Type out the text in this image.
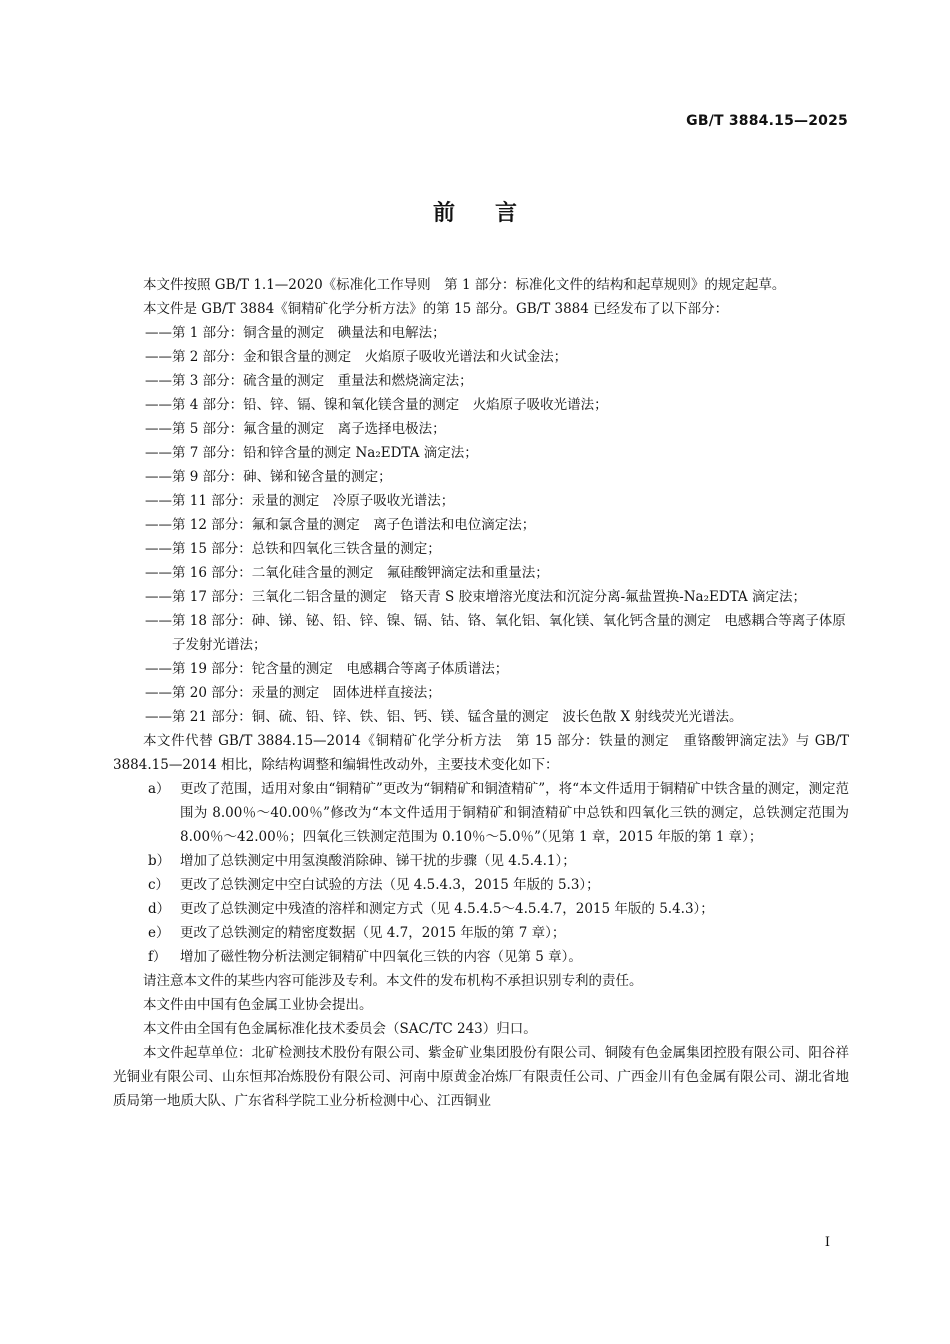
GB/T 3884.15—2025
前言

本文件按照 GB/T 1.1—2020《标准化工作导则　第 1 部分：标准化文件的结构和起草规则》的规定起草。

本文件是 GB/T 3884《铜精矿化学分析方法》的第 15 部分。GB/T 3884 已经发布了以下部分：

——第 1 部分：铜含量的测定　碘量法和电解法；

——第 2 部分：金和银含量的测定　火焰原子吸收光谱法和火试金法；

——第 3 部分：硫含量的测定　重量法和燃烧滴定法；

——第 4 部分：铅、锌、镉、镍和氧化镁含量的测定　火焰原子吸收光谱法；

——第 5 部分：氟含量的测定　离子选择电极法；

——第 7 部分：铅和锌含量的测定 Na₂EDTA 滴定法；

——第 9 部分：砷、锑和铋含量的测定；

——第 11 部分：汞量的测定　冷原子吸收光谱法；

——第 12 部分：氟和氯含量的测定　离子色谱法和电位滴定法；

——第 15 部分：总铁和四氧化三铁含量的测定；

——第 16 部分：二氧化硅含量的测定　氟硅酸钾滴定法和重量法；

——第 17 部分：三氧化二铝含量的测定　铬天青 S 胶束增溶光度法和沉淀分离-氟盐置换-Na₂EDTA 滴定法；

——第 18 部分：砷、锑、铋、铅、锌、镍、镉、钴、铬、氧化铝、氧化镁、氧化钙含量的测定　电感耦合等离子体原子发射光谱法；

——第 19 部分：铊含量的测定　电感耦合等离子体质谱法；

——第 20 部分：汞量的测定　固体进样直接法；

——第 21 部分：铜、硫、铅、锌、铁、铝、钙、镁、锰含量的测定　波长色散 X 射线荧光光谱法。

本文件代替 GB/T 3884.15—2014《铜精矿化学分析方法　第 15 部分：铁量的测定　重铬酸钾滴定法》与 GB/T 3884.15—2014 相比，除结构调整和编辑性改动外，主要技术变化如下：

a） 更改了范围，适用对象由“铜精矿”更改为“铜精矿和铜渣精矿”，将“本文件适用于铜精矿中铁含量的测定，测定范围为 8.00％～40.00％”修改为“本文件适用于铜精矿和铜渣精矿中总铁和四氧化三铁的测定，总铁测定范围为 8.00％～42.00％；四氧化三铁测定范围为 0.10％～5.0％”（见第 1 章，2015 年版的第 1 章）；

b） 增加了总铁测定中用氢溴酸消除砷、锑干扰的步骤（见 4.5.4.1）；

c） 更改了总铁测定中空白试验的方法（见 4.5.4.3，2015 年版的 5.3）；

d） 更改了总铁测定中残渣的溶样和测定方式（见 4.5.4.5～4.5.4.7，2015 年版的 5.4.3）；

e） 更改了总铁测定的精密度数据（见 4.7，2015 年版的第 7 章）；

f） 增加了磁性物分析法测定铜精矿中四氧化三铁的内容（见第 5 章）。

请注意本文件的某些内容可能涉及专利。本文件的发布机构不承担识别专利的责任。

本文件由中国有色金属工业协会提出。

本文件由全国有色金属标准化技术委员会（SAC/TC 243）归口。

本文件起草单位：北矿检测技术股份有限公司、紫金矿业集团股份有限公司、铜陵有色金属集团控股有限公司、阳谷祥光铜业有限公司、山东恒邦冶炼股份有限公司、河南中原黄金冶炼厂有限责任公司、广西金川有色金属有限公司、湖北省地质局第一地质大队、广东省科学院工业分析检测中心、江西铜业

I
